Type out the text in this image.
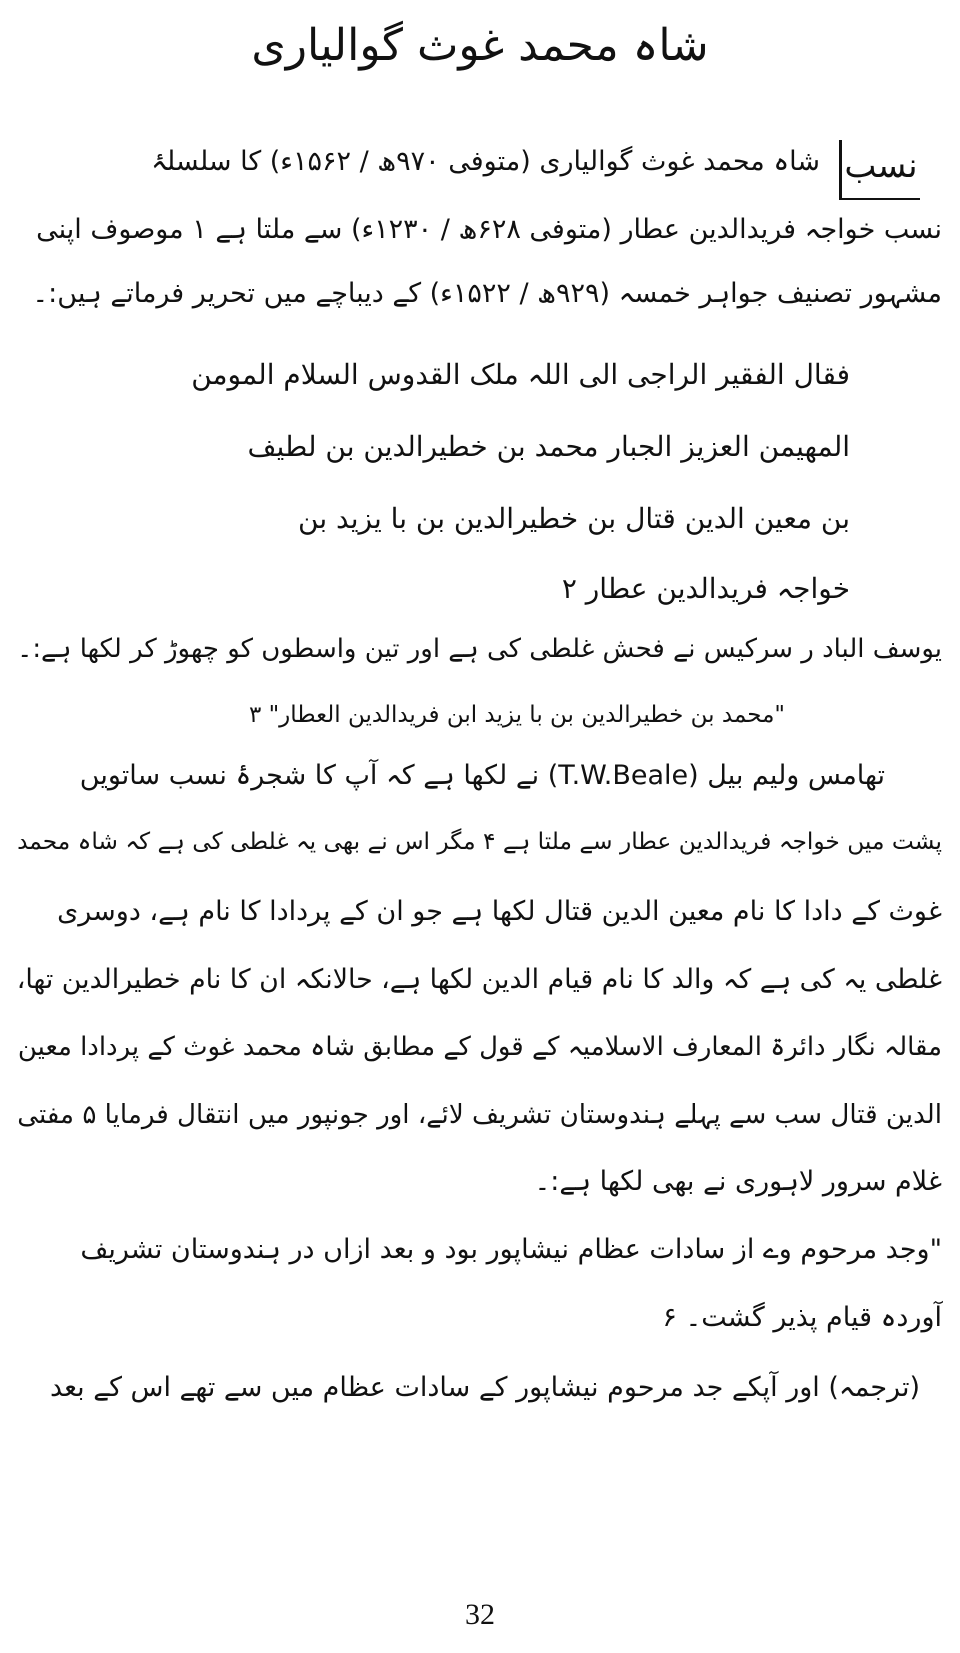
شاہ محمد غوث گوالیاری
نسب
شاہ محمد غوث گوالیاری (متوفی ۹۷۰ھ / ۱۵۶۲ء) کا سلسلۂ
نسب خواجہ فریدالدین عطار (متوفی ۶۲۸ھ / ۱۲۳۰ء) سے ملتا ہے ۱ موصوف اپنی
مشہور تصنیف جواہر خمسہ (۹۲۹ھ / ۱۵۲۲ء) کے دیباچے میں تحریر فرماتے ہیں:۔
فقال الفقیر الراجی الی اللہ ملک القدوس السلام المومن
المھیمن العزیز الجبار محمد بن خطیرالدین بن لطیف
بن معین الدین قتال بن خطیرالدین بن با یزید بن
خواجہ فریدالدین عطار ۲
یوسف الباد ر سرکیس نے فحش غلطی کی ہے اور تین واسطوں کو چھوڑ کر لکھا ہے:۔
"محمد بن خطیرالدین بن با یزید ابن فریدالدین العطار" ۳
تھامس ولیم بیل (T.W.Beale) نے لکھا ہے کہ آپ کا شجرۂ نسب ساتویں
پشت میں خواجہ فریدالدین عطار سے ملتا ہے ۴ مگر اس نے بھی یہ غلطی کی ہے کہ شاہ محمد
غوث کے دادا کا نام معین الدین قتال لکھا ہے جو ان کے پردادا کا نام ہے، دوسری
غلطی یہ کی ہے کہ والد کا نام قیام الدین لکھا ہے، حالانکہ ان کا نام خطیرالدین تھا،
مقالہ نگار دائرۃ المعارف الاسلامیہ کے قول کے مطابق شاہ محمد غوث کے پردادا معین
الدین قتال سب سے پہلے ہندوستان تشریف لائے، اور جونپور میں انتقال فرمایا ۵ مفتی
غلام سرور لاہوری نے بھی لکھا ہے:۔
"وجد مرحوم وے از سادات عظام نیشاپور بود و بعد ازاں در ہندوستان تشریف
آوردہ قیام پذیر گشت۔ ۶
(ترجمہ) اور آپکے جد مرحوم نیشاپور کے سادات عظام میں سے تھے اس کے بعد
32
